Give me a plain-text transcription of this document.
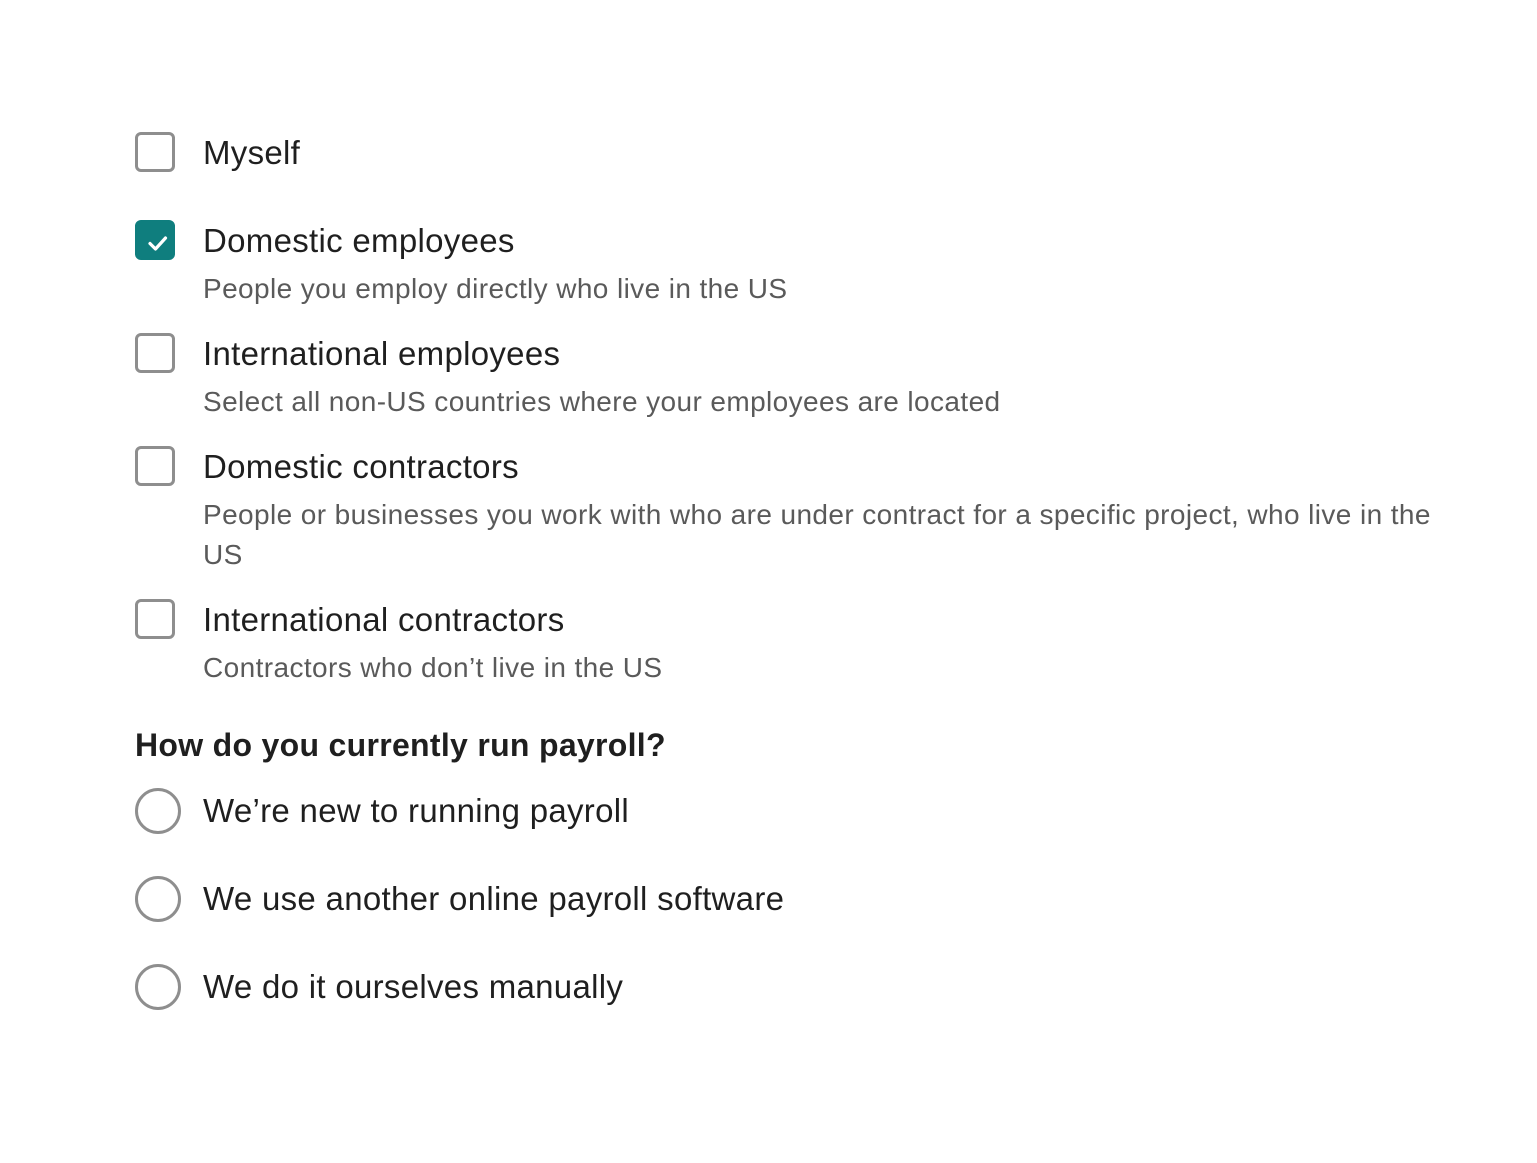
Myself
Domestic employees
People you employ directly who live in the US
International employees
Select all non-US countries where your employees are located
Domestic contractors
People or businesses you work with who are under contract for a specific project, who live in the US
International contractors
Contractors who don’t live in the US
How do you currently run payroll?
We’re new to running payroll
We use another online payroll software
We do it ourselves manually
